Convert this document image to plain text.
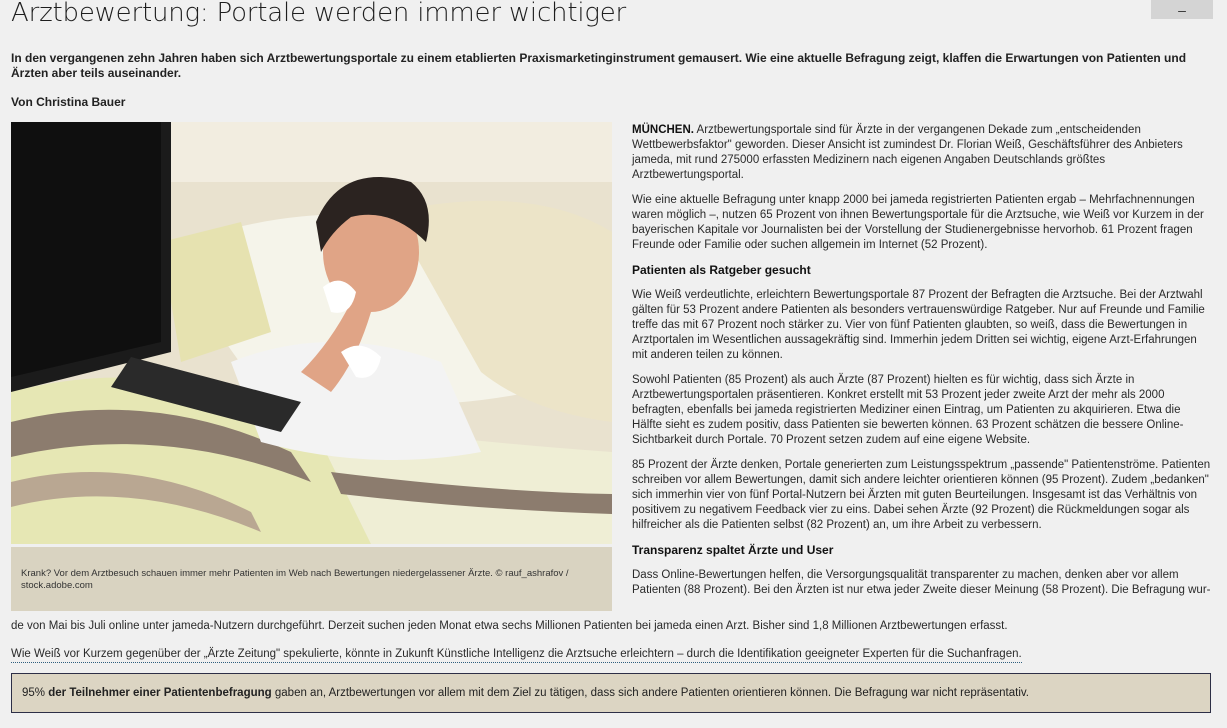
Arztbewertung: Portale werden immer wichtiger

In den vergangenen zehn Jahren haben sich Arztbewertungsportale zu einem etablierten Praxismarketinginstrument gemausert. Wie eine aktuelle Befragung zeigt, klaffen die Erwartungen von Patienten und Ärzten aber teils auseinander.

Von Christina Bauer

Krank? Vor dem Arztbesuch schauen immer mehr Patienten im Web nach Bewertungen niedergelassener Ärzte. © rauf_ashrafov / stock.adobe.com

MÜNCHEN. Arztbewertungsportale sind für Ärzte in der vergangenen Dekade zum „entscheidenden Wettbewerbsfaktor" geworden. Dieser Ansicht ist zumindest Dr. Florian Weiß, Geschäftsführer des Anbieters jameda, mit rund 275000 erfassten Medizinern nach eigenen Angaben Deutschlands größtes Arztbewertungsportal.

Wie eine aktuelle Befragung unter knapp 2000 bei jameda registrierten Patienten ergab – Mehrfachnennungen waren möglich –, nutzen 65 Prozent von ihnen Bewertungsportale für die Arztsuche, wie Weiß vor Kurzem in der bayerischen Kapitale vor Journalisten bei der Vorstellung der Studienergebnisse hervorhob. 61 Prozent fragen Freunde oder Familie oder suchen allgemein im Internet (52 Prozent).

Patienten als Ratgeber gesucht

Wie Weiß verdeutlichte, erleichtern Bewertungsportale 87 Prozent der Befragten die Arztsuche. Bei der Arztwahl gälten für 53 Prozent andere Patienten als besonders vertrauenswürdige Ratgeber. Nur auf Freunde und Familie treffe das mit 67 Prozent noch stärker zu. Vier von fünf Patienten glaubten, so weiß, dass die Bewertungen in Arztportalen im Wesentlichen aussagekräftig sind. Immerhin jedem Dritten sei wichtig, eigene Arzt-Erfahrungen mit anderen teilen zu können.

Sowohl Patienten (85 Prozent) als auch Ärzte (87 Prozent) hielten es für wichtig, dass sich Ärzte in Arztbewertungsportalen präsentieren. Konkret erstellt mit 53 Prozent jeder zweite Arzt der mehr als 2000 befragten, ebenfalls bei jameda registrierten Mediziner einen Eintrag, um Patienten zu akquirieren. Etwa die Hälfte sieht es zudem positiv, dass Patienten sie bewerten können. 63 Prozent schätzen die bessere Online-Sichtbarkeit durch Portale. 70 Prozent setzen zudem auf eine eigene Website.

85 Prozent der Ärzte denken, Portale generierten zum Leistungsspektrum „passende" Patientenströme. Patienten schreiben vor allem Bewertungen, damit sich andere leichter orientieren können (95 Prozent). Zudem „bedanken" sich immerhin vier von fünf Portal-Nutzern bei Ärzten mit guten Beurteilungen. Insgesamt ist das Verhältnis von positivem zu negativem Feedback vier zu eins. Dabei sehen Ärzte (92 Prozent) die Rückmeldungen sogar als hilfreicher als die Patienten selbst (82 Prozent) an, um ihre Arbeit zu verbessern.

Transparenz spaltet Ärzte und User

Dass Online-Bewertungen helfen, die Versorgungsqualität transparenter zu machen, denken aber vor allem Patienten (88 Prozent). Bei den Ärzten ist nur etwa jeder Zweite dieser Meinung (58 Prozent). Die Befragung wur-

de von Mai bis Juli online unter jameda-Nutzern durchgeführt. Derzeit suchen jeden Monat etwa sechs Millionen Patienten bei jameda einen Arzt. Bisher sind 1,8 Millionen Arztbewertungen erfasst.

Wie Weiß vor Kurzem gegenüber der „Ärzte Zeitung" spekulierte, könnte in Zukunft Künstliche Intelligenz die Arztsuche erleichtern – durch die Identifikation geeigneter Experten für die Suchanfragen.
95% der Teilnehmer einer Patientenbefragung gaben an, Arztbewertungen vor allem mit dem Ziel zu tätigen, dass sich andere Patienten orientieren können. Die Befragung war nicht repräsentativ.
–
